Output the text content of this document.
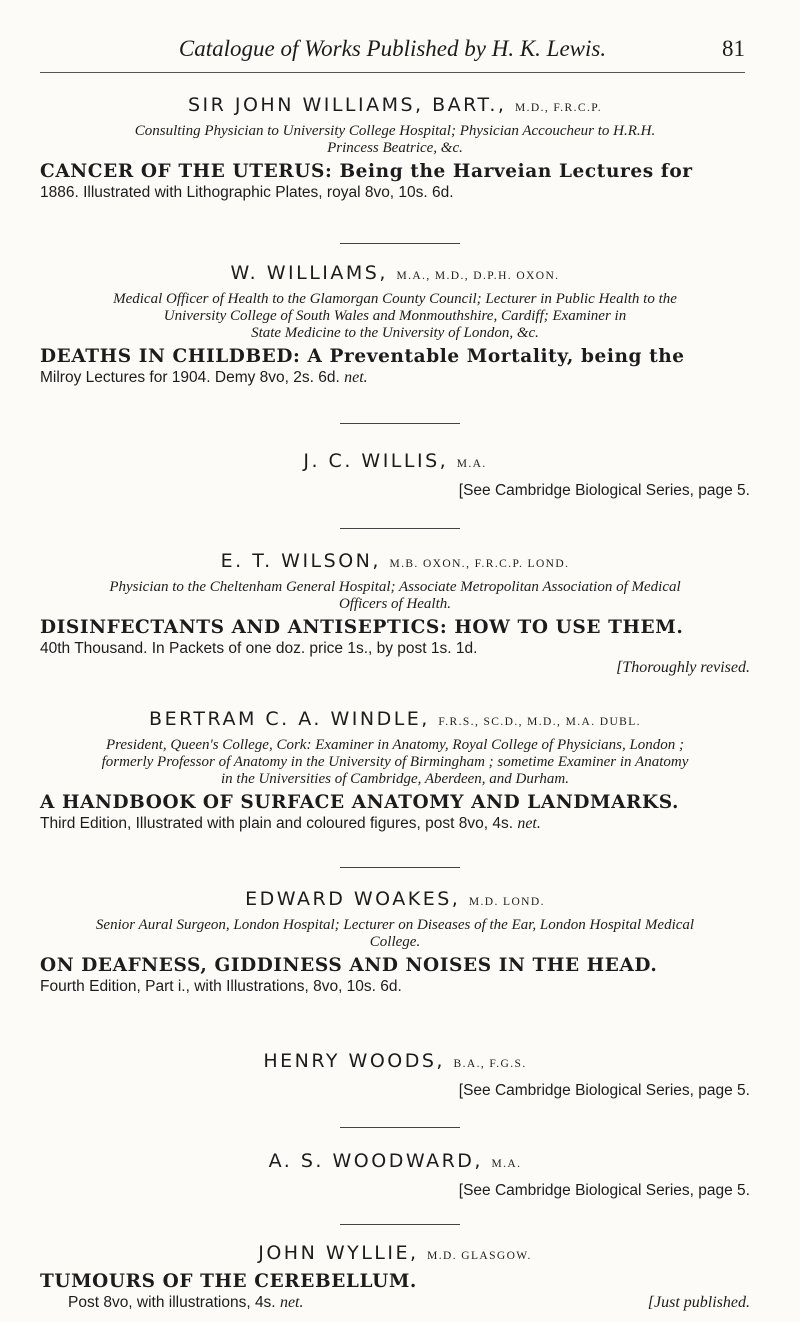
Catalogue of Works Published by H. K. Lewis.	81
SIR JOHN WILLIAMS, BART., M.D., F.R.C.P.
Consulting Physician to University College Hospital; Physician Accoucheur to H.R.H.
Princess Beatrice, &c.
CANCER OF THE UTERUS: Being the Harveian Lectures for
1886. Illustrated with Lithographic Plates, royal 8vo, 10s. 6d.
W. WILLIAMS, M.A., M.D., D.P.H. OXON.
Medical Officer of Health to the Glamorgan County Council; Lecturer in Public Health to the
University College of South Wales and Monmouthshire, Cardiff; Examiner in
State Medicine to the University of London, &c.
DEATHS IN CHILDBED: A Preventable Mortality, being the
Milroy Lectures for 1904. Demy 8vo, 2s. 6d. net.
J. C. WILLIS, M.A.
[See Cambridge Biological Series, page 5.
E. T. WILSON, M.B. OXON., F.R.C.P. LOND.
Physician to the Cheltenham General Hospital; Associate Metropolitan Association of Medical
Officers of Health.
DISINFECTANTS AND ANTISEPTICS: HOW TO USE THEM.
40th Thousand. In Packets of one doz. price 1s., by post 1s. 1d.
[Thoroughly revised.
BERTRAM C. A. WINDLE, F.R.S., SC.D., M.D., M.A. DUBL.
President, Queen's College, Cork: Examiner in Anatomy, Royal College of Physicians, London ;
formerly Professor of Anatomy in the University of Birmingham ; sometime Examiner in Anatomy
in the Universities of Cambridge, Aberdeen, and Durham.
A HANDBOOK OF SURFACE ANATOMY AND LANDMARKS.
Third Edition, Illustrated with plain and coloured figures, post 8vo, 4s. net.
EDWARD WOAKES, M.D. LOND.
Senior Aural Surgeon, London Hospital; Lecturer on Diseases of the Ear, London Hospital Medical
College.
ON DEAFNESS, GIDDINESS AND NOISES IN THE HEAD.
Fourth Edition, Part i., with Illustrations, 8vo, 10s. 6d.
HENRY WOODS, B.A., F.G.S.
[See Cambridge Biological Series, page 5.
A. S. WOODWARD, M.A.
[See Cambridge Biological Series, page 5.
JOHN WYLLIE, M.D. GLASGOW.
TUMOURS OF THE CEREBELLUM.
Post 8vo, with illustrations, 4s. net.	[Just published.
